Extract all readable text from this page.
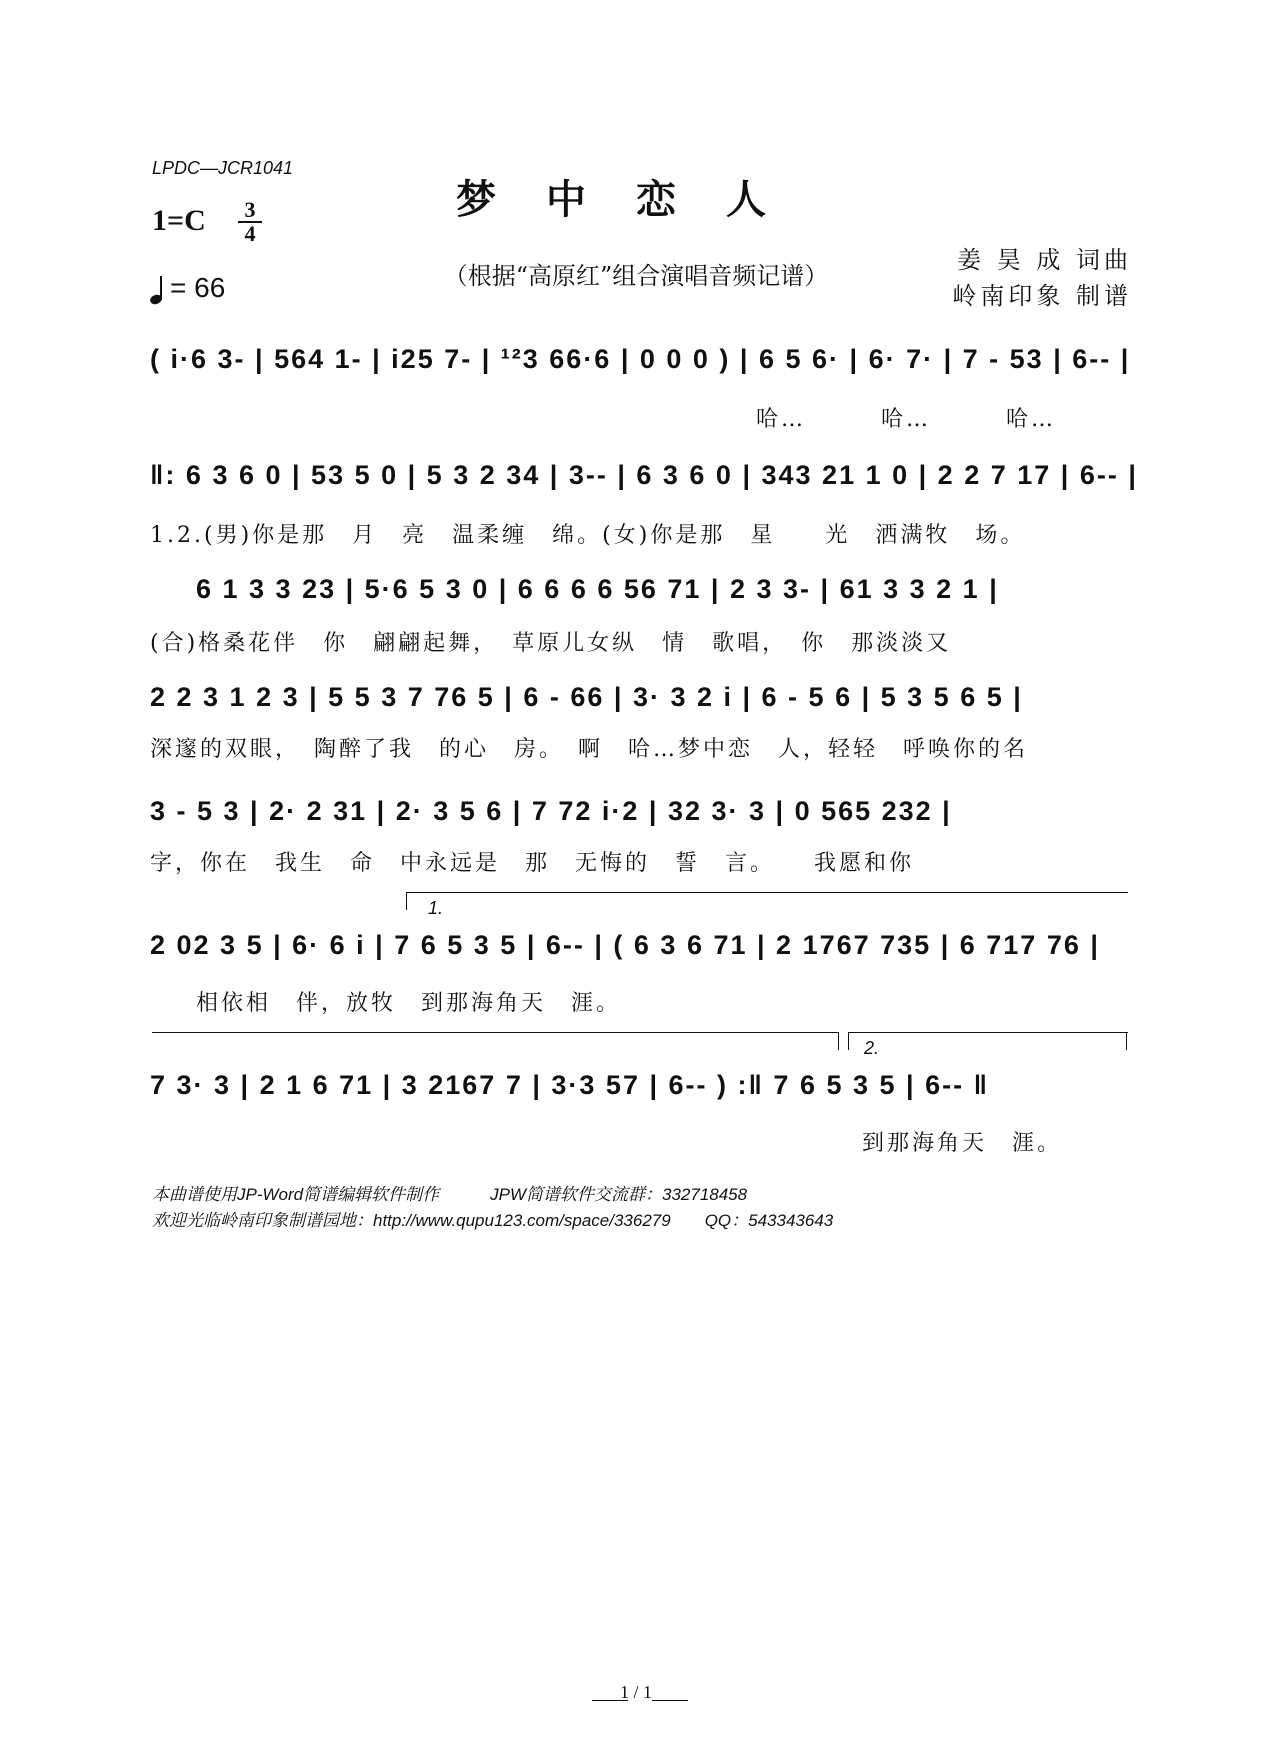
LPDC—JCR1041
梦中恋人
（根据“高原红”组合演唱音频记谱）
1=C 3
4
= 66
姜 昊 成 词曲
岭南印象 制谱
( i·6 3- | 564 1- | i25 7- | ¹²3 66·6 | 0 0 0 ) | 6 5 6· | 6· 7· | 7 - 53 | 6-- |
哈…　　　哈…　　　哈…
‖: 6 3 6 0 | 53 5 0 | 5 3 2 34 | 3-- | 6 3 6 0 | 343 21 1 0 | 2 2 7 17 | 6-- |
1.2.(男)你是那　月　亮　温柔缠　绵。(女)你是那　星　　光　洒满牧　场。
6 1 3 3 23 | 5·6 5 3 0 | 6 6 6 6 56 71 | 2 3 3- | 61 3 3 2 1 |
(合)格桑花伴　你　翩翩起舞，　草原儿女纵　情　歌唱，　你　那淡淡又
2 2 3 1 2 3 | 5 5 3 7 76 5 | 6 - 66 | 3· 3 2 i | 6 - 5 6 | 5 3 5 6 5 |
深邃的双眼，　陶醉了我　的心　房。　啊　哈…梦中恋　人，轻轻　呼唤你的名
3 - 5 3 | 2· 2 31 | 2· 3 5 6 | 7 72 i·2 | 32 3· 3 | 0 565 232 |
字，你在　我生　命　中永远是　那　无悔的　誓　言。　　我愿和你
1.
2 02 3 5 | 6· 6 i | 7 6 5 3 5 | 6-- | ( 6 3 6 71 | 2 1767 735 | 6 717 76 |
相依相　伴，放牧　到那海角天　涯。
2.
7 3· 3 | 2 1 6 71 | 3 2167 7 | 3·3 57 | 6-- ) :‖ 7 6 5 3 5 | 6-- ‖
到那海角天　涯。
本曲谱使用JP-Word简谱编辑软件制作　　　JPW简谱软件交流群：332718458
欢迎光临岭南印象制谱园地：http://www.qupu123.com/space/336279　　QQ：543343643
1 / 1
